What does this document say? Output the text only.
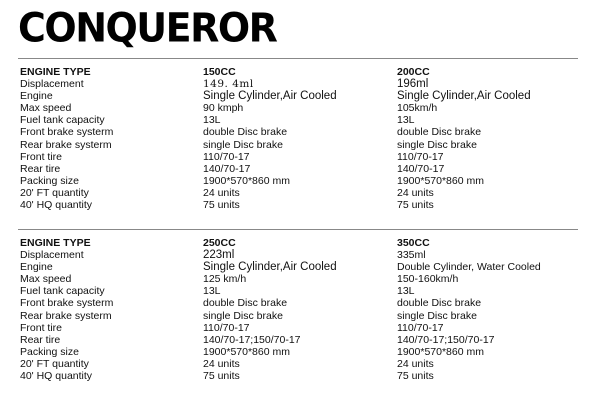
CONQUEROR
ENGINE TYPE
Displacement
Engine
Max speed
Fuel tank capacity
Front brake systerm
Rear brake systerm
Front tire
Rear tire
Packing size
20' FT quantity
40' HQ quantity
150CC
149. 4ml
Single Cylinder,Air Cooled
90 kmph
13L
double Disc brake
single Disc brake
110/70-17
140/70-17
1900*570*860 mm
24 units
75 units
200CC
196ml
Single Cylinder,Air Cooled
105km/h
13L
double Disc brake
single Disc brake
110/70-17
140/70-17
1900*570*860 mm
24 units
75 units
ENGINE TYPE
Displacement
Engine
Max speed
Fuel tank capacity
Front brake systerm
Rear brake systerm
Front tire
Rear tire
Packing size
20' FT quantity
40' HQ quantity
250CC
223ml
Single Cylinder,Air Cooled
125 km/h
13L
double Disc brake
single Disc brake
110/70-17
140/70-17;150/70-17
1900*570*860 mm
24 units
75 units
350CC
335ml
Double Cylinder, Water Cooled
150-160km/h
13L
double Disc brake
single Disc brake
110/70-17
140/70-17;150/70-17
1900*570*860 mm
24 units
75 units
